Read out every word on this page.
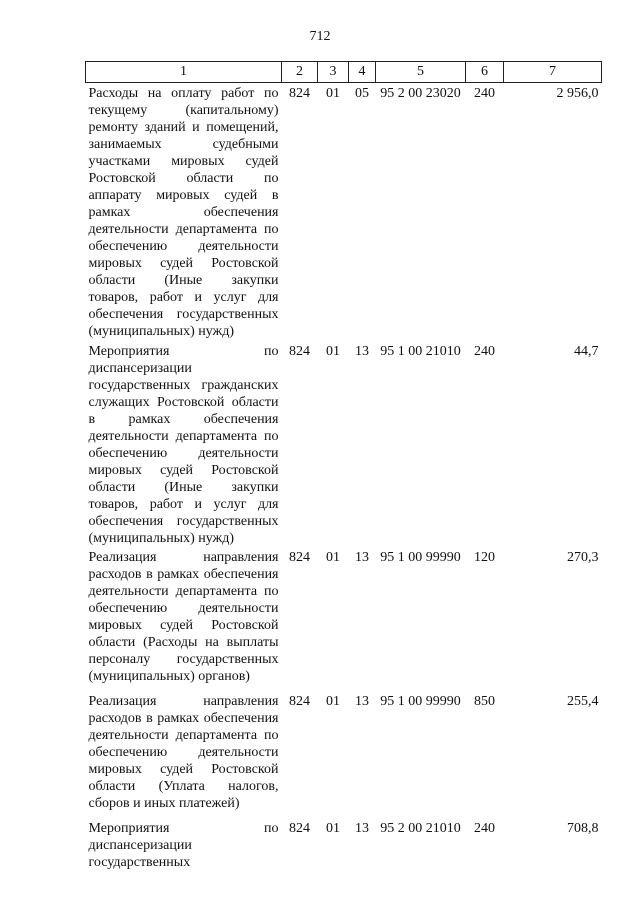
712
1	2	3	4	5	6	7
Расходы на оплату работ по текущему (капитальному) ремонту зданий и помещений, занимаемых судебными участками мировых судей Ростовской области по аппарату мировых судей в рамках обеспечения деятельности департамента по обеспечению деятельности мировых судей Ростовской области (Иные закупки товаров, работ и услуг для обеспечения государственных (муниципальных) нужд)	824	01	05	95 2 00 23020	240	2 956,0
Мероприятия по диспансеризации государственных гражданских служащих Ростовской области в рамках обеспечения деятельности департамента по обеспечению деятельности мировых судей Ростовской области (Иные закупки товаров, работ и услуг для обеспечения государственных (муниципальных) нужд)	824	01	13	95 1 00 21010	240	44,7
Реализация направления расходов в рамках обеспечения деятельности департамента по обеспечению деятельности мировых судей Ростовской области (Расходы на выплаты персоналу государственных (муниципальных) органов)	824	01	13	95 1 00 99990	120	270,3
Реализация направления расходов в рамках обеспечения деятельности департамента по обеспечению деятельности мировых судей Ростовской области (Уплата налогов, сборов и иных платежей)	824	01	13	95 1 00 99990	850	255,4
Мероприятия по диспансеризации государственных	824	01	13	95 2 00 21010	240	708,8
